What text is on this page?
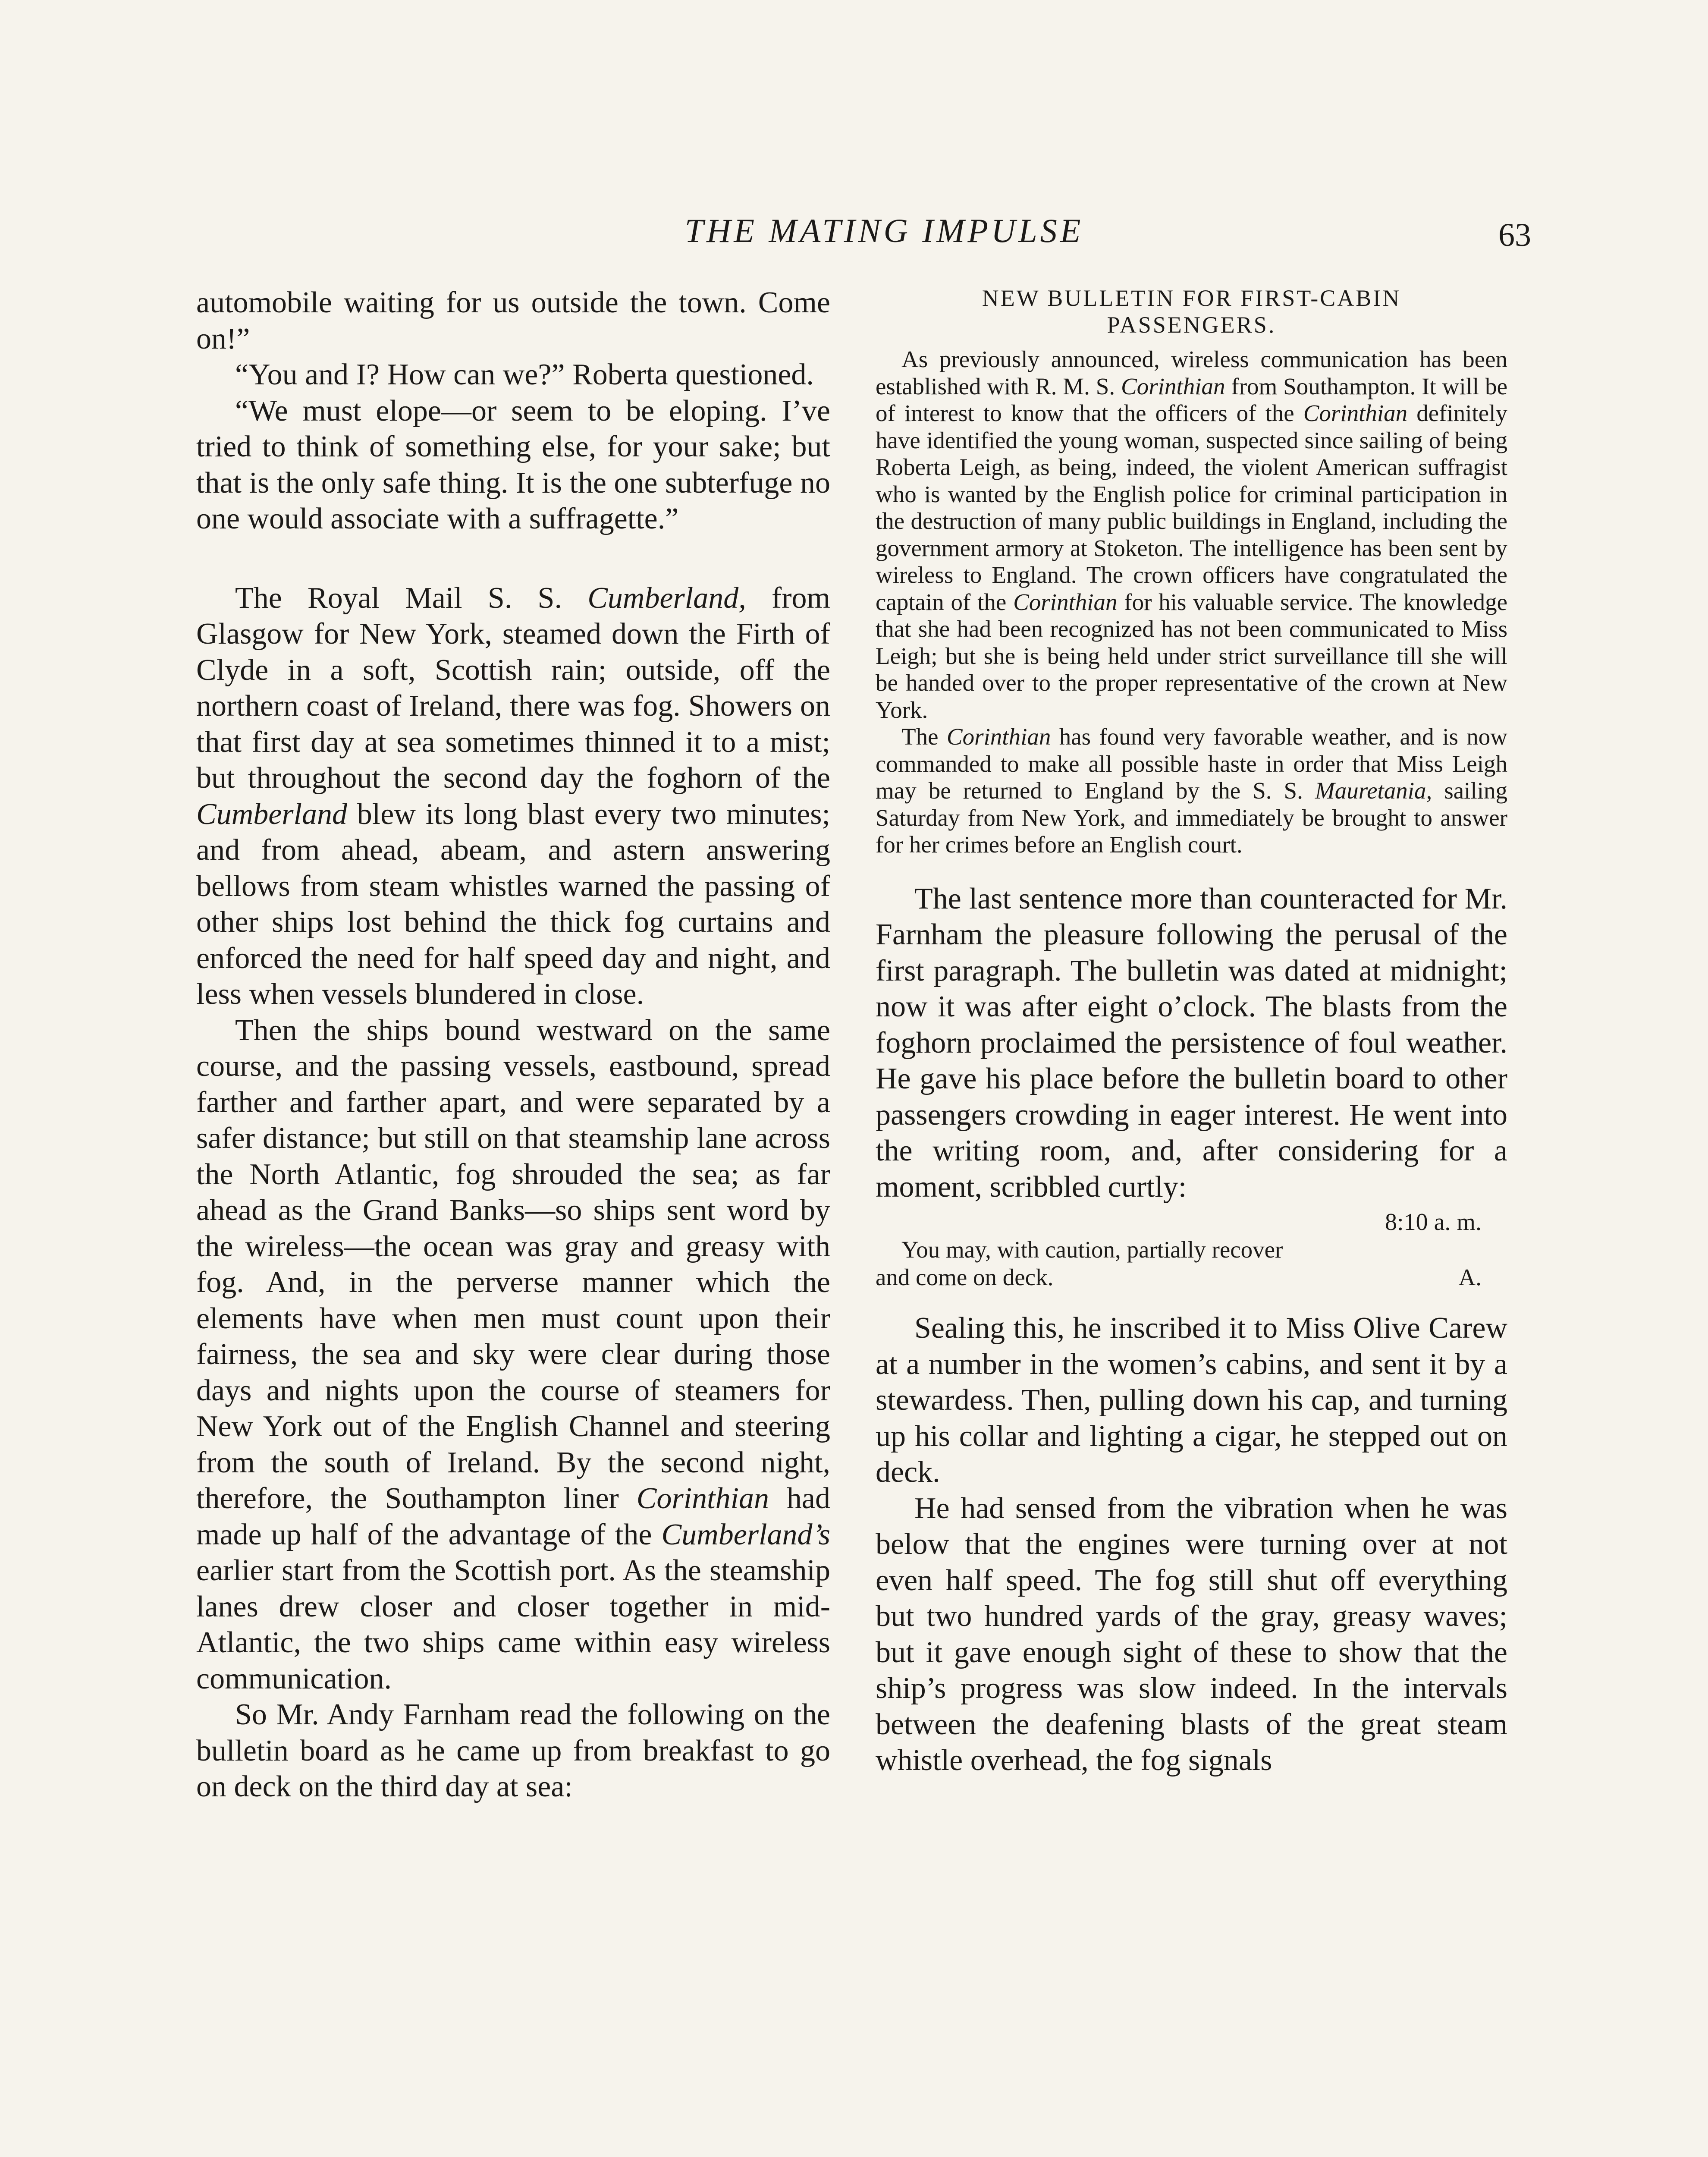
THE MATING IMPULSE	63

automobile waiting for us outside the town. Come on!”

“You and I? How can we?” Roberta questioned.

“We must elope—or seem to be eloping. I’ve tried to think of something else, for your sake; but that is the only safe thing. It is the one subterfuge no one would associate with a suffragette.”

The Royal Mail S. S. Cumberland, from Glasgow for New York, steamed down the Firth of Clyde in a soft, Scottish rain; outside, off the northern coast of Ireland, there was fog. Showers on that first day at sea sometimes thinned it to a mist; but throughout the second day the foghorn of the Cumberland blew its long blast every two minutes; and from ahead, abeam, and astern answering bellows from steam whistles warned the passing of other ships lost behind the thick fog curtains and enforced the need for half speed day and night, and less when vessels blundered in close.

Then the ships bound westward on the same course, and the passing vessels, eastbound, spread farther and farther apart, and were separated by a safer distance; but still on that steamship lane across the North Atlantic, fog shrouded the sea; as far ahead as the Grand Banks—so ships sent word by the wireless—the ocean was gray and greasy with fog. And, in the perverse manner which the elements have when men must count upon their fairness, the sea and sky were clear during those days and nights upon the course of steamers for New York out of the English Channel and steering from the south of Ireland. By the second night, therefore, the Southampton liner Corinthian had made up half of the advantage of the Cumberland’s earlier start from the Scottish port. As the steamship lanes drew closer and closer together in mid-Atlantic, the two ships came within easy wireless communication.

So Mr. Andy Farnham read the following on the bulletin board as he came up from breakfast to go on deck on the third day at sea:

NEW BULLETIN FOR FIRST-CABIN
PASSENGERS.

As previously announced, wireless communication has been established with R. M. S. Corinthian from Southampton. It will be of interest to know that the officers of the Corinthian definitely have identified the young woman, suspected since sailing of being Roberta Leigh, as being, indeed, the violent American suffragist who is wanted by the English police for criminal participation in the destruction of many public buildings in England, including the government armory at Stoketon. The intelligence has been sent by wireless to England. The crown officers have congratulated the captain of the Corinthian for his valuable service. The knowledge that she had been recognized has not been communicated to Miss Leigh; but she is being held under strict surveillance till she will be handed over to the proper representative of the crown at New York.

The Corinthian has found very favorable weather, and is now commanded to make all possible haste in order that Miss Leigh may be returned to England by the S. S. Mauretania, sailing Saturday from New York, and immediately be brought to answer for her crimes before an English court.

The last sentence more than counteracted for Mr. Farnham the pleasure following the perusal of the first paragraph. The bulletin was dated at midnight; now it was after eight o’clock. The blasts from the foghorn proclaimed the persistence of foul weather. He gave his place before the bulletin board to other passengers crowding in eager interest. He went into the writing room, and, after considering for a moment, scribbled curtly:

8:10 a. m.
You may, with caution, partially recover
and come on deck.	A.

Sealing this, he inscribed it to Miss Olive Carew at a number in the women’s cabins, and sent it by a stewardess. Then, pulling down his cap, and turning up his collar and lighting a cigar, he stepped out on deck.

He had sensed from the vibration when he was below that the engines were turning over at not even half speed. The fog still shut off everything but two hundred yards of the gray, greasy waves; but it gave enough sight of these to show that the ship’s progress was slow indeed. In the intervals between the deafening blasts of the great steam whistle overhead, the fog signals
